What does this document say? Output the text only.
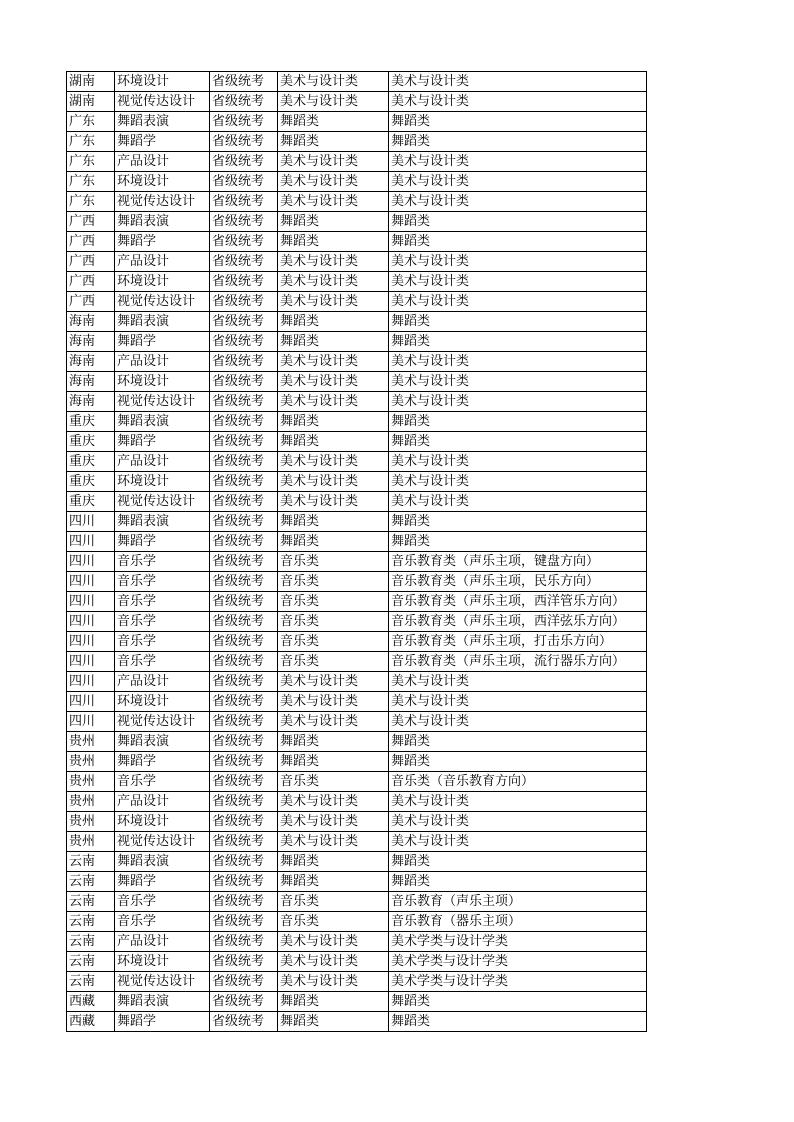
湖南	环境设计	省级统考	美术与设计类	美术与设计类
湖南	视觉传达设计	省级统考	美术与设计类	美术与设计类
广东	舞蹈表演	省级统考	舞蹈类	舞蹈类
广东	舞蹈学	省级统考	舞蹈类	舞蹈类
广东	产品设计	省级统考	美术与设计类	美术与设计类
广东	环境设计	省级统考	美术与设计类	美术与设计类
广东	视觉传达设计	省级统考	美术与设计类	美术与设计类
广西	舞蹈表演	省级统考	舞蹈类	舞蹈类
广西	舞蹈学	省级统考	舞蹈类	舞蹈类
广西	产品设计	省级统考	美术与设计类	美术与设计类
广西	环境设计	省级统考	美术与设计类	美术与设计类
广西	视觉传达设计	省级统考	美术与设计类	美术与设计类
海南	舞蹈表演	省级统考	舞蹈类	舞蹈类
海南	舞蹈学	省级统考	舞蹈类	舞蹈类
海南	产品设计	省级统考	美术与设计类	美术与设计类
海南	环境设计	省级统考	美术与设计类	美术与设计类
海南	视觉传达设计	省级统考	美术与设计类	美术与设计类
重庆	舞蹈表演	省级统考	舞蹈类	舞蹈类
重庆	舞蹈学	省级统考	舞蹈类	舞蹈类
重庆	产品设计	省级统考	美术与设计类	美术与设计类
重庆	环境设计	省级统考	美术与设计类	美术与设计类
重庆	视觉传达设计	省级统考	美术与设计类	美术与设计类
四川	舞蹈表演	省级统考	舞蹈类	舞蹈类
四川	舞蹈学	省级统考	舞蹈类	舞蹈类
四川	音乐学	省级统考	音乐类	音乐教育类（声乐主项，键盘方向）
四川	音乐学	省级统考	音乐类	音乐教育类（声乐主项，民乐方向）
四川	音乐学	省级统考	音乐类	音乐教育类（声乐主项，西洋管乐方向）
四川	音乐学	省级统考	音乐类	音乐教育类（声乐主项，西洋弦乐方向）
四川	音乐学	省级统考	音乐类	音乐教育类（声乐主项，打击乐方向）
四川	音乐学	省级统考	音乐类	音乐教育类（声乐主项，流行器乐方向）
四川	产品设计	省级统考	美术与设计类	美术与设计类
四川	环境设计	省级统考	美术与设计类	美术与设计类
四川	视觉传达设计	省级统考	美术与设计类	美术与设计类
贵州	舞蹈表演	省级统考	舞蹈类	舞蹈类
贵州	舞蹈学	省级统考	舞蹈类	舞蹈类
贵州	音乐学	省级统考	音乐类	音乐类（音乐教育方向）
贵州	产品设计	省级统考	美术与设计类	美术与设计类
贵州	环境设计	省级统考	美术与设计类	美术与设计类
贵州	视觉传达设计	省级统考	美术与设计类	美术与设计类
云南	舞蹈表演	省级统考	舞蹈类	舞蹈类
云南	舞蹈学	省级统考	舞蹈类	舞蹈类
云南	音乐学	省级统考	音乐类	音乐教育（声乐主项）
云南	音乐学	省级统考	音乐类	音乐教育（器乐主项）
云南	产品设计	省级统考	美术与设计类	美术学类与设计学类
云南	环境设计	省级统考	美术与设计类	美术学类与设计学类
云南	视觉传达设计	省级统考	美术与设计类	美术学类与设计学类
西藏	舞蹈表演	省级统考	舞蹈类	舞蹈类
西藏	舞蹈学	省级统考	舞蹈类	舞蹈类
